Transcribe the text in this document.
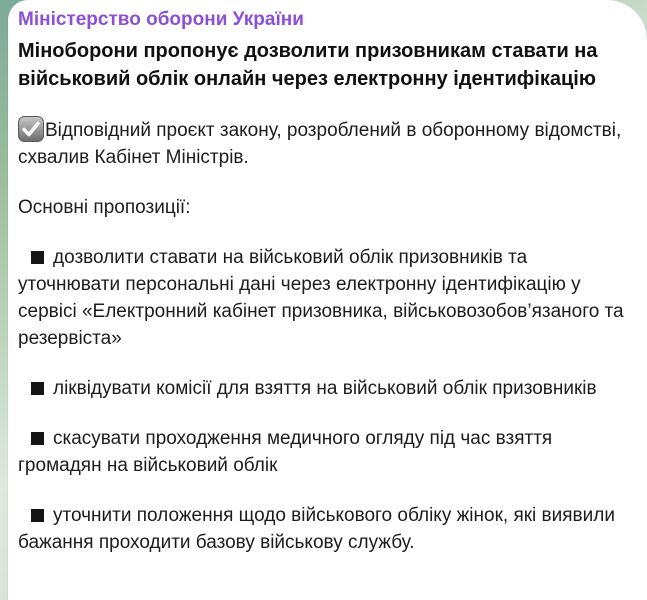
Міністерство оборони України
Міноборони пропонує дозволити призовникам ставати на військовий облік онлайн через електронну ідентифікацію
Відповідний проєкт закону, розроблений в оборонному відомстві, схвалив Кабінет Міністрів.
Основні пропозиції:
дозволити ставати на військовий облік призовників та уточнювати персональні дані через електронну ідентифікацію у сервісі «Електронний кабінет призовника, військовозобов’язаного та резервіста»
ліквідувати комісії для взяття на військовий облік призовників
скасувати проходження медичного огляду під час взяття громадян на військовий облік
уточнити положення щодо військового обліку жінок, які виявили бажання проходити базову військову службу.
